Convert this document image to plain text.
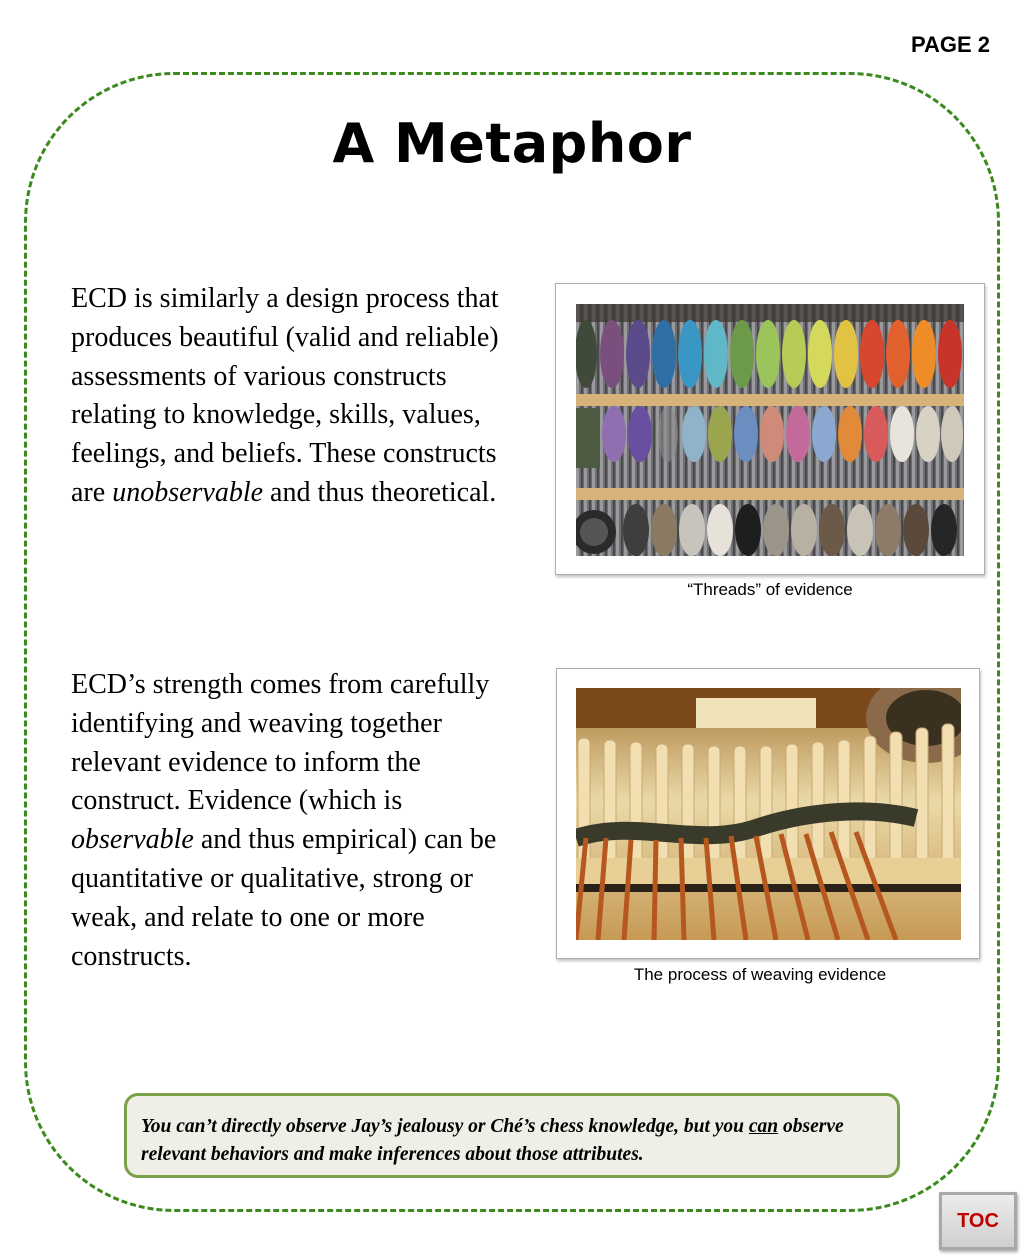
PAGE 2
A Metaphor
ECD is similarly a design process that produces beautiful (valid and reliable) assessments of various constructs relating to knowledge, skills, values, feelings, and beliefs. These constructs are unobservable and thus theoretical.
ECD’s strength comes from carefully identifying and weaving together relevant evidence to inform the construct. Evidence (which is observable and thus empirical) can be quantitative or qualitative, strong or weak, and relate to one or more constructs.
“Threads” of evidence
The process of weaving evidence
You can’t directly observe Jay’s jealousy or Ché’s chess knowledge, but you can observe relevant behaviors and make inferences about those attributes.
TOC
